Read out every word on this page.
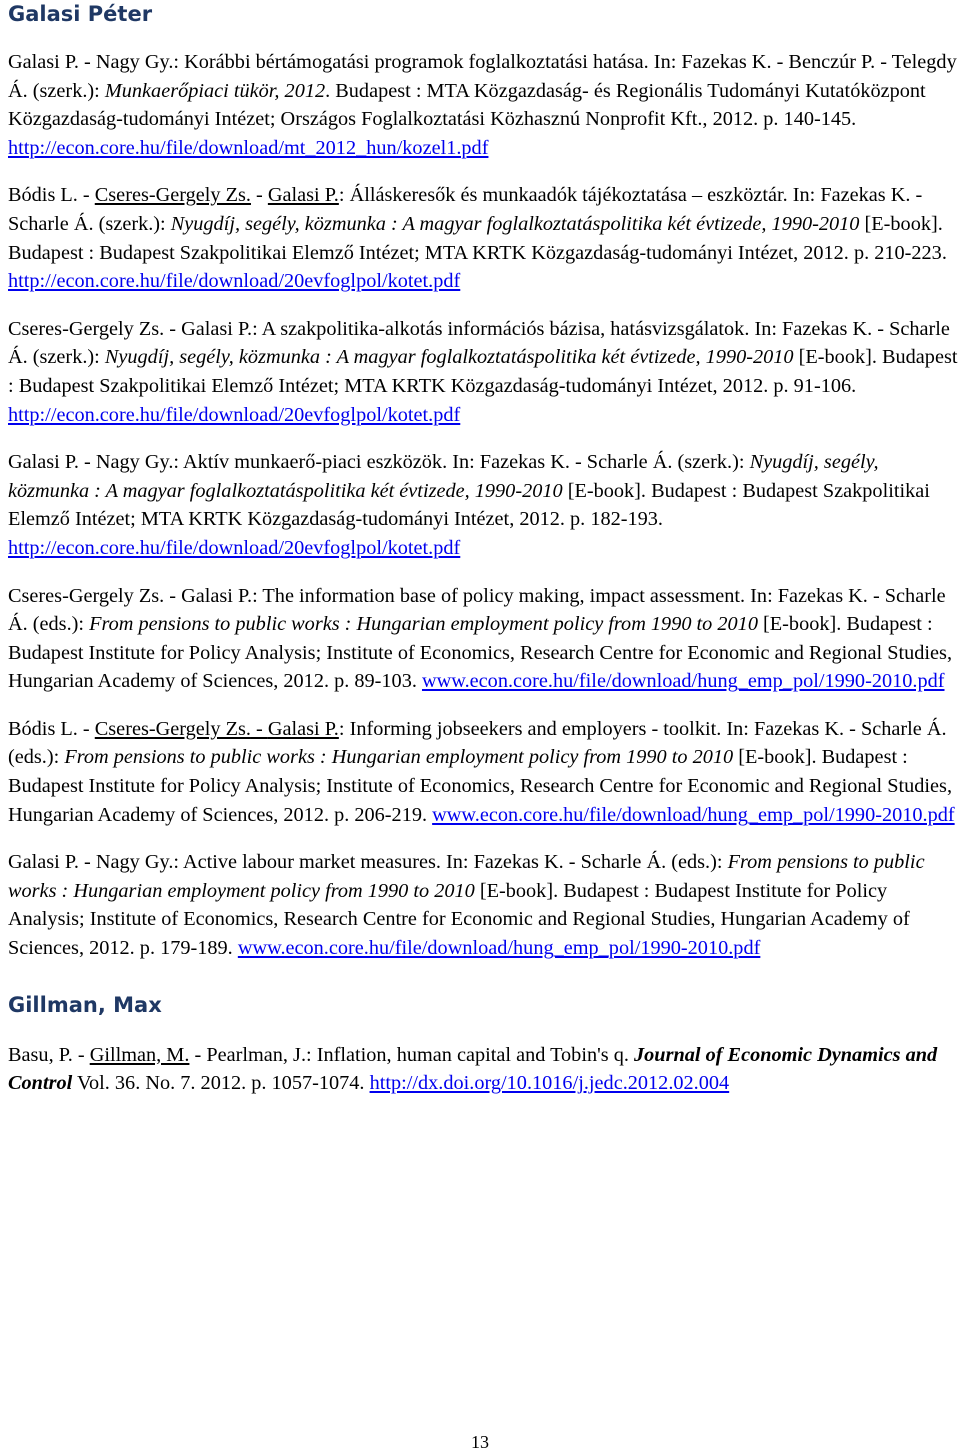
Galasi Péter

Galasi P. - Nagy Gy.: Korábbi bértámogatási programok foglalkoztatási hatása. In: Fazekas K. - Benczúr P. - Telegdy Á. (szerk.): Munkaerőpiaci tükör, 2012. Budapest : MTA Közgazdaság- és Regionális Tudományi Kutatóközpont Közgazdaság-tudományi Intézet; Országos Foglalkoztatási Közhasznú Nonprofit Kft., 2012. p. 140-145. http://econ.core.hu/file/download/mt_2012_hun/kozel1.pdf

Bódis L. - Cseres-Gergely Zs. - Galasi P.: Álláskeresők és munkaadók tájékoztatása – eszköztár. In: Fazekas K. - Scharle Á. (szerk.): Nyugdíj, segély, közmunka : A magyar foglalkoztatáspolitika két évtizede, 1990-2010 [E-book]. Budapest : Budapest Szakpolitikai Elemző Intézet; MTA KRTK Közgazdaság-tudományi Intézet, 2012. p. 210-223. http://econ.core.hu/file/download/20evfoglpol/kotet.pdf

Cseres-Gergely Zs. - Galasi P.: A szakpolitika-alkotás információs bázisa, hatásvizsgálatok. In: Fazekas K. - Scharle Á. (szerk.): Nyugdíj, segély, közmunka : A magyar foglalkoztatáspolitika két évtizede, 1990-2010 [E-book]. Budapest : Budapest Szakpolitikai Elemző Intézet; MTA KRTK Közgazdaság-tudományi Intézet, 2012. p. 91-106. http://econ.core.hu/file/download/20evfoglpol/kotet.pdf

Galasi P. - Nagy Gy.: Aktív munkaerő-piaci eszközök. In: Fazekas K. - Scharle Á. (szerk.): Nyugdíj, segély, közmunka : A magyar foglalkoztatáspolitika két évtizede, 1990-2010 [E-book]. Budapest : Budapest Szakpolitikai Elemző Intézet; MTA KRTK Közgazdaság-tudományi Intézet, 2012. p. 182-193. http://econ.core.hu/file/download/20evfoglpol/kotet.pdf

Cseres-Gergely Zs. - Galasi P.: The information base of policy making, impact assessment. In: Fazekas K. - Scharle Á. (eds.): From pensions to public works : Hungarian employment policy from 1990 to 2010 [E-book]. Budapest : Budapest Institute for Policy Analysis; Institute of Economics, Research Centre for Economic and Regional Studies, Hungarian Academy of Sciences, 2012. p. 89-103. www.econ.core.hu/file/download/hung_emp_pol/1990-2010.pdf

Bódis L. - Cseres-Gergely Zs. - Galasi P.: Informing jobseekers and employers - toolkit. In: Fazekas K. - Scharle Á. (eds.): From pensions to public works : Hungarian employment policy from 1990 to 2010 [E-book]. Budapest : Budapest Institute for Policy Analysis; Institute of Economics, Research Centre for Economic and Regional Studies, Hungarian Academy of Sciences, 2012. p. 206-219. www.econ.core.hu/file/download/hung_emp_pol/1990-2010.pdf

Galasi P. - Nagy Gy.: Active labour market measures. In: Fazekas K. - Scharle Á. (eds.): From pensions to public works : Hungarian employment policy from 1990 to 2010 [E-book]. Budapest : Budapest Institute for Policy Analysis; Institute of Economics, Research Centre for Economic and Regional Studies, Hungarian Academy of Sciences, 2012. p. 179-189. www.econ.core.hu/file/download/hung_emp_pol/1990-2010.pdf

Gillman, Max

Basu, P. - Gillman, M. - Pearlman, J.: Inflation, human capital and Tobin's q. Journal of Economic Dynamics and Control Vol. 36. No. 7. 2012. p. 1057-1074. http://dx.doi.org/10.1016/j.jedc.2012.02.004

13
